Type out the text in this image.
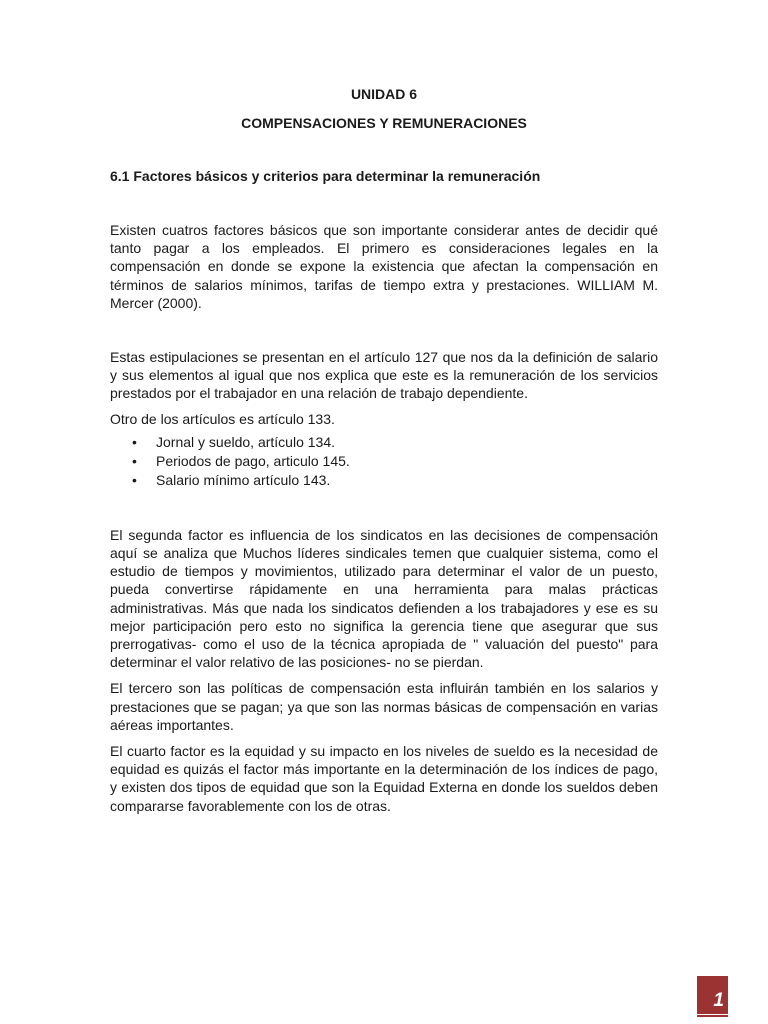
UNIDAD 6
COMPENSACIONES Y REMUNERACIONES
6.1 Factores básicos y criterios para determinar la remuneración

Existen cuatros factores básicos que son importante considerar antes de decidir qué tanto pagar a los empleados. El primero es consideraciones legales en la compensación en donde se expone la existencia que afectan la compensación en términos de salarios mínimos, tarifas de tiempo extra y prestaciones. WILLIAM M. Mercer (2000).

Estas estipulaciones se presentan en el artículo 127 que nos da la definición de salario y sus elementos al igual que nos explica que este es la remuneración de los servicios prestados por el trabajador en una relación de trabajo dependiente.

Otro de los artículos es artículo 133.

• Jornal y sueldo, artículo 134.
• Periodos de pago, articulo 145.
• Salario mínimo artículo 143.

El segunda factor es influencia de los sindicatos en las decisiones de compensación aquí se analiza que Muchos líderes sindicales temen que cualquier sistema, como el estudio de tiempos y movimientos, utilizado para determinar el valor de un puesto, pueda convertirse rápidamente en una herramienta para malas prácticas administrativas. Más que nada los sindicatos defienden a los trabajadores y ese es su mejor participación pero esto no significa la gerencia tiene que asegurar que sus prerrogativas- como el uso de la técnica apropiada de " valuación del puesto" para determinar el valor relativo de las posiciones- no se pierdan.

El tercero son las políticas de compensación esta influirán también en los salarios y prestaciones que se pagan; ya que son las normas básicas de compensación en varias aéreas importantes.

El cuarto factor es la equidad y su impacto en los niveles de sueldo es la necesidad de equidad es quizás el factor más importante en la determinación de los índices de pago, y existen dos tipos de equidad que son la Equidad Externa en donde los sueldos deben compararse favorablemente con los de otras.

1
